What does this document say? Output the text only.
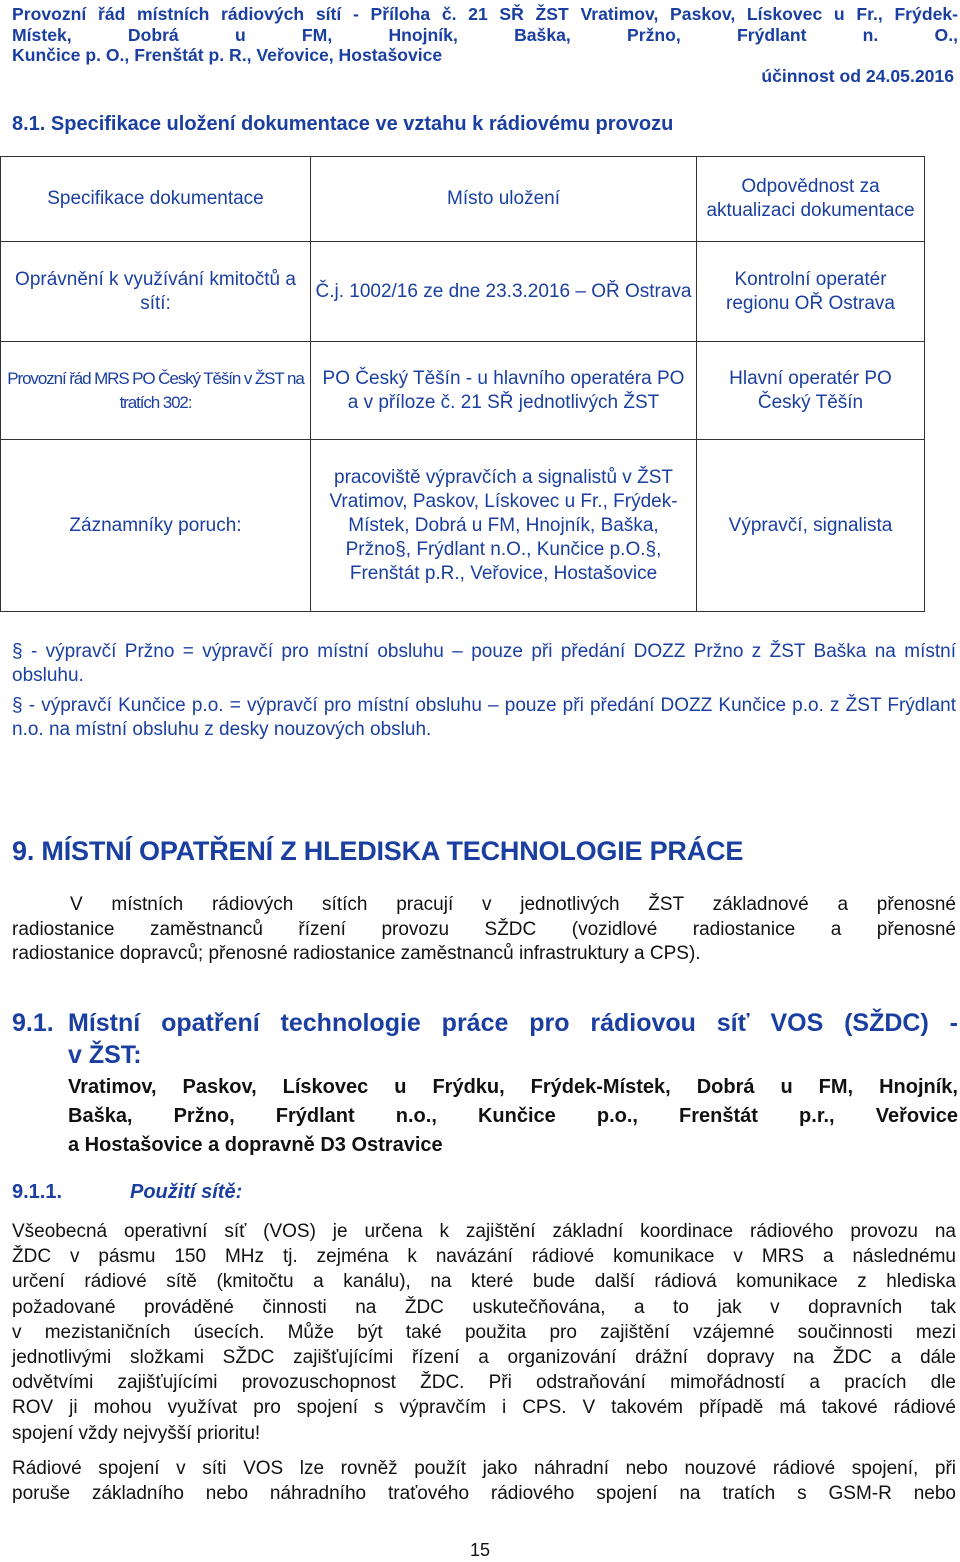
Provozní řád místních rádiových sítí - Příloha č. 21 SŘ ŽST Vratimov, Paskov, Lískovec u Fr., Frýdek-
Místek, Dobrá u FM, Hnojník, Baška, Pržno, Frýdlant n. O.,
Kunčice p. O., Frenštát p. R., Veřovice, Hostašovice
účinnost od 24.05.2016
8.1. Specifikace uložení dokumentace ve vztahu k rádiovému provozu
Specifikace dokumentace	Místo uložení	Odpovědnost za aktualizaci dokumentace
Oprávnění k využívání kmitočtů a sítí:	Č.j. 1002/16 ze dne 23.3.2016 – OŘ Ostrava	Kontrolní operatér regionu OŘ Ostrava
Provozní řád MRS PO Český Těšín v ŽST na tratích 302:	PO Český Těšín - u hlavního operatéra PO a v příloze č. 21 SŘ jednotlivých ŽST	Hlavní operatér PO Český Těšín
Záznamníky poruch:	pracoviště výpravčích a signalistů v ŽST Vratimov, Paskov, Lískovec u Fr., Frýdek-Místek, Dobrá u FM, Hnojník, Baška, Pržno§, Frýdlant n.O., Kunčice p.O.§, Frenštát p.R., Veřovice, Hostašovice	Výpravčí, signalista

§ - výpravčí Pržno = výpravčí pro místní obsluhu – pouze při předání DOZZ Pržno z ŽST Baška na místní obsluhu.

§ - výpravčí Kunčice p.o. = výpravčí pro místní obsluhu – pouze při předání DOZZ Kunčice p.o. z ŽST Frýdlant n.o. na místní obsluhu z desky nouzových obsluh.

9. MÍSTNÍ OPATŘENÍ Z HLEDISKA TECHNOLOGIE PRÁCE
V místních rádiových sítích pracují v jednotlivých ŽST základnové a přenosné
radiostanice zaměstnanců řízení provozu SŽDC (vozidlové radiostanice a přenosné
radiostanice dopravců; přenosné radiostanice zaměstnanců infrastruktury a CPS).
9.1. Místní opatření technologie práce pro rádiovou síť VOS (SŽDC) -
v ŽST:
Vratimov, Paskov, Lískovec u Frýdku, Frýdek-Místek, Dobrá u FM, Hnojník,
Baška, Pržno, Frýdlant n.o., Kunčice p.o., Frenštát p.r., Veřovice
a Hostašovice a dopravně D3 Ostravice
9.1.1.	Použití sítě:
Všeobecná operativní síť (VOS) je určena k zajištění základní koordinace rádiového provozu na
ŽDC v pásmu 150 MHz tj. zejména k navázání rádiové komunikace v MRS a následnému
určení rádiové sítě (kmitočtu a kanálu), na které bude další rádiová komunikace z hlediska
požadované prováděné činnosti na ŽDC uskutečňována, a to jak v dopravních tak
v mezistaničních úsecích. Může být také použita pro zajištění vzájemné součinnosti mezi
jednotlivými složkami SŽDC zajišťujícími řízení a organizování drážní dopravy na ŽDC a dále
odvětvími zajišťujícími provozuschopnost ŽDC. Při odstraňování mimořádností a pracích dle
ROV ji mohou využívat pro spojení s výpravčím i CPS. V takovém případě má takové rádiové
spojení vždy nejvyšší prioritu!
Rádiové spojení v síti VOS lze rovněž použít jako náhradní nebo nouzové rádiové spojení, při
poruše základního nebo náhradního traťového rádiového spojení na tratích s GSM-R nebo
15
